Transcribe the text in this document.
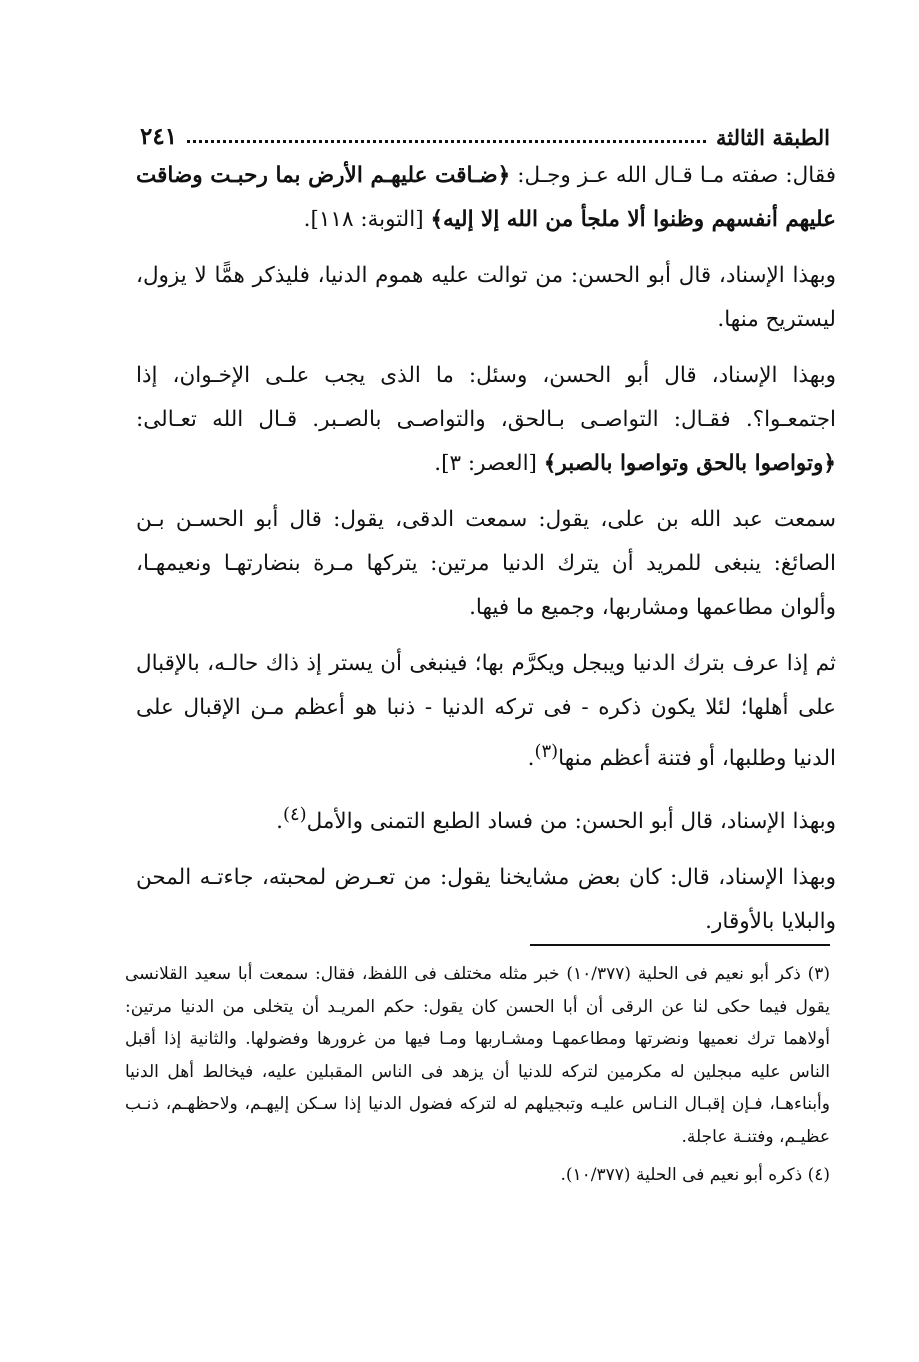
الطبقة الثالثة
٢٤١

فقال: صفته مـا قـال الله عـز وجـل: ﴿ضـاقت عليهـم الأرض بما رحبـت وضاقت عليهم أنفسهم وظنوا ألا ملجأ من الله إلا إليه﴾ [التوبة: ١١٨].

وبهذا الإسناد، قال أبو الحسن: من توالت عليه هموم الدنيا، فليذكر همًّا لا يزول، ليستريح منها.

وبهذا الإسناد، قال أبو الحسن، وسئل: ما الذى يجب علـى الإخـوان، إذا اجتمعـوا؟. فقـال: التواصـى بـالحق، والتواصـى بالصـبر. قـال الله تعـالى: ﴿وتواصوا بالحق وتواصوا بالصبر﴾ [العصر: ٣].

سمعت عبد الله بن على، يقول: سمعت الدقى، يقول: قال أبو الحسـن بـن الصائغ: ينبغى للمريد أن يترك الدنيا مرتين: يتركها مـرة بنضارتهـا ونعيمهـا، وألوان مطاعمها ومشاربها، وجميع ما فيها.

ثم إذا عرف بترك الدنيا ويبجل ويكرَّم بها؛ فينبغى أن يستر إذ ذاك حالـه، بالإقبال على أهلها؛ لئلا يكون ذكره - فى تركه الدنيا - ذنبا هو أعظم مـن الإقبال على الدنيا وطلبها، أو فتنة أعظم منها$^{(٣)}$.

وبهذا الإسناد، قال أبو الحسن: من فساد الطبع التمنى والأمل$^{(٤)}$.

وبهذا الإسناد، قال: كان بعض مشايخنا يقول: من تعـرض لمحبته، جاءتـه المحن والبلايا بالأوقار.

(٣) ذكر أبو نعيم فى الحلية (١٠/٣٧٧) خبر مثله مختلف فى اللفظ، فقال: سمعت أبا سعيد القلانسى يقول فيما حكى لنا عن الرقى أن أبا الحسن كان يقول: حكم المريـد أن يتخلى من الدنيا مرتين: أولاهما ترك نعميها ونضرتها ومطاعمهـا ومشـاربها ومـا فيها من غرورها وفضولها. والثانية إذا أقبل الناس عليه مبجلين له مكرمين لتركه للدنيا أن يزهد فى الناس المقبلين عليه، فيخالط أهل الدنيا وأبناءهـا، فـإن إقبـال النـاس عليـه وتبجيلهم له لتركه فضول الدنيا إذا سـكن إليهـم، ولاحظهـم، ذنـب عظيـم، وفتنـة عاجلة.

(٤) ذكره أبو نعيم فى الحلية (١٠/٣٧٧).
